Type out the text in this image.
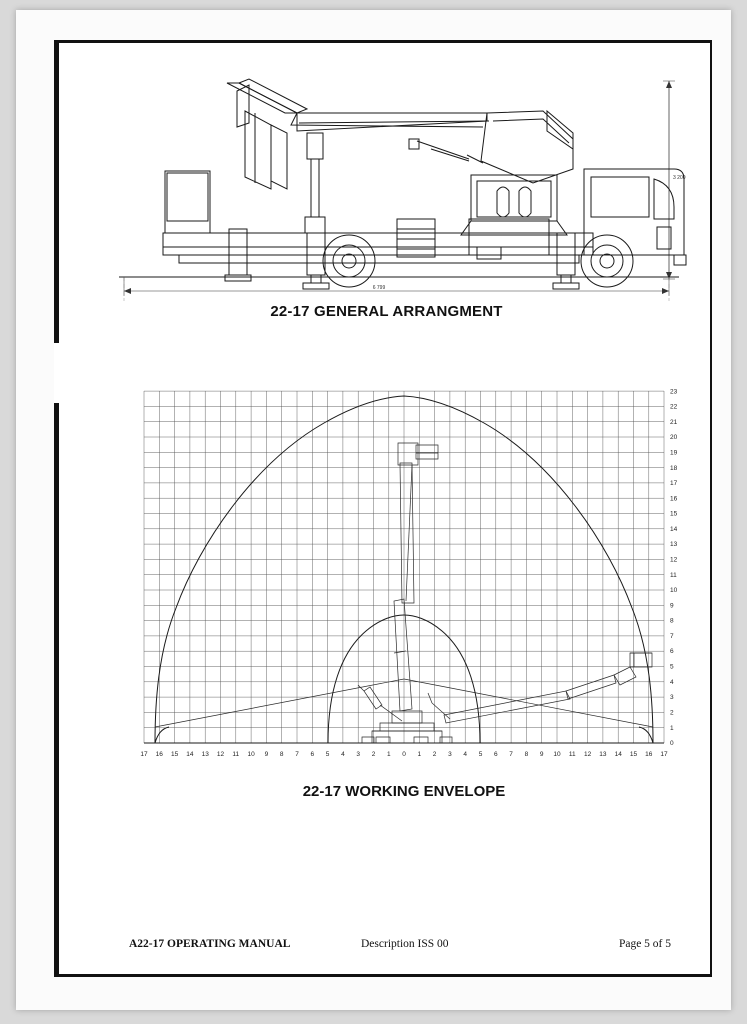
6 799
3 200
22-17 GENERAL ARRANGMENT
0
1
2
3
4
5
6
7
8
9
10
11
12
13
14
15
16
17
18
19
20
21
22
23
17 16 15 14 13 12 11 10 9 8 7 6 5 4 3 2 1 0 1 2 3 4 5 6 7 8 9 10 11 12 13 14 15 16 17
22-17 WORKING ENVELOPE
A22-17 OPERATING MANUAL	Description ISS 00	Page 5 of 5
